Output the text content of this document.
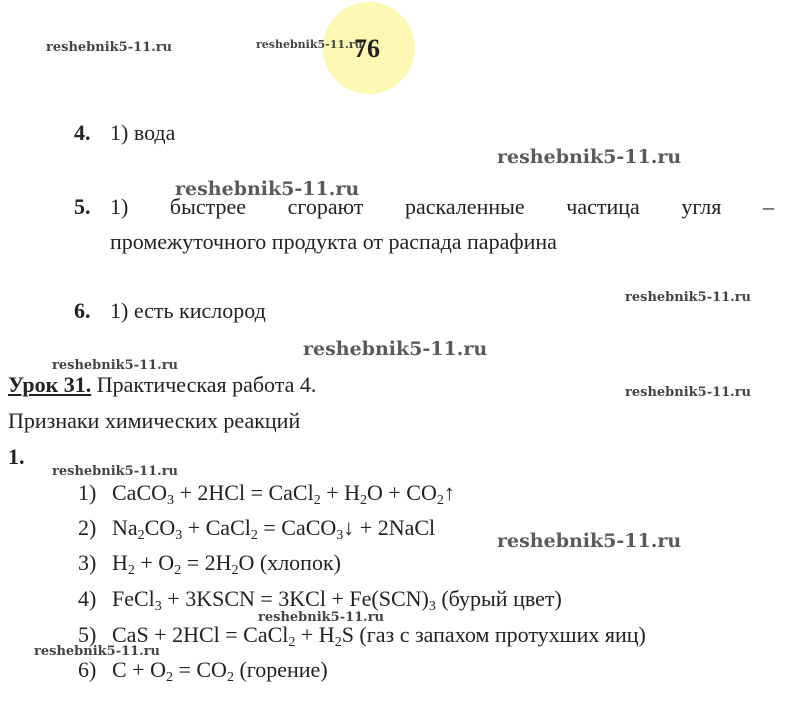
76
reshebnik5-11.ru	reshebnik5-11.ru
reshebnik5-11.ru
reshebnik5-11.ru
reshebnik5-11.ru
reshebnik5-11.ru
reshebnik5-11.ru
reshebnik5-11.ru
reshebnik5-11.ru
reshebnik5-11.ru
reshebnik5-11.ru
reshebnik5-11.ru
4. 1) вода
5. 1) быстрее сгорают раскаленные частица угля –
промежуточного продукта от распада парафина
6. 1) есть кислород
Урок 31. Практическая работа 4.
Признаки химических реакций
1.
1) CaCO$_3$ + 2HCl = CaCl$_2$ + $H_2O$ + $CO_2↑$
2) $Na_2CO_3$ + CaCl$_2$ = CaCO$_3$↓ + 2NaCl
3) $H_2 + O_2 = 2H_2O$ (хлопок)
4) FeCl$_3$ + 3KSCN = $3KCl + Fe(SCN)_3$ (бурый цвет)
5) CaS + 2HCl = CaCl$_2$ + $H_2S$ (газ с запахом протухших яиц)
6) $C + O_2 = CO_2$ (горение)
